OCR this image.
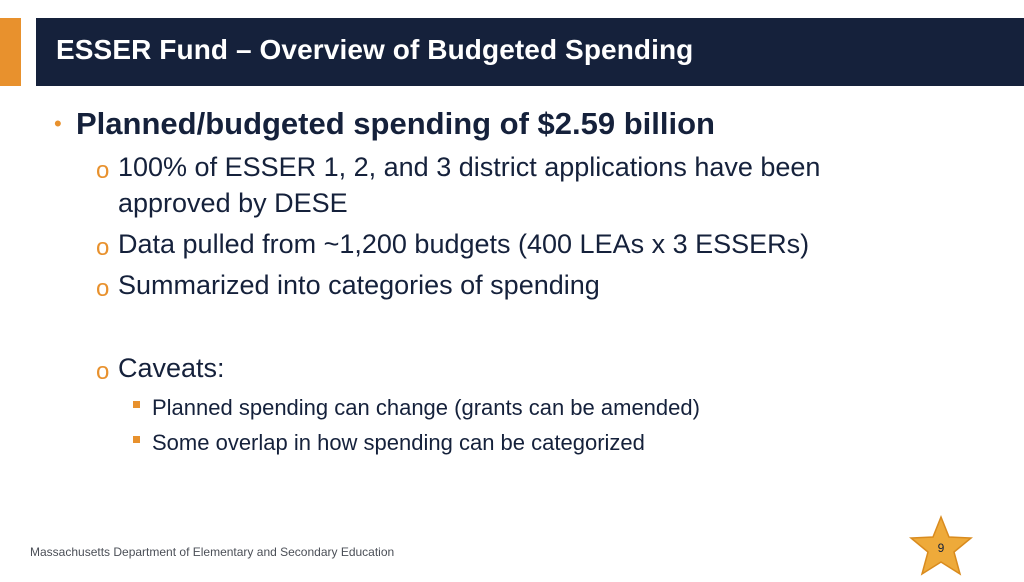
ESSER Fund – Overview of Budgeted Spending
• Planned/budgeted spending of $2.59 billion
o 100% of ESSER 1, 2, and 3 district applications have been
approved by DESE
o Data pulled from ~1,200 budgets (400 LEAs x 3 ESSERs)
o Summarized into categories of spending
o Caveats:
Planned spending can change (grants can be amended)
Some overlap in how spending can be categorized
Massachusetts Department of Elementary and Secondary Education	9
